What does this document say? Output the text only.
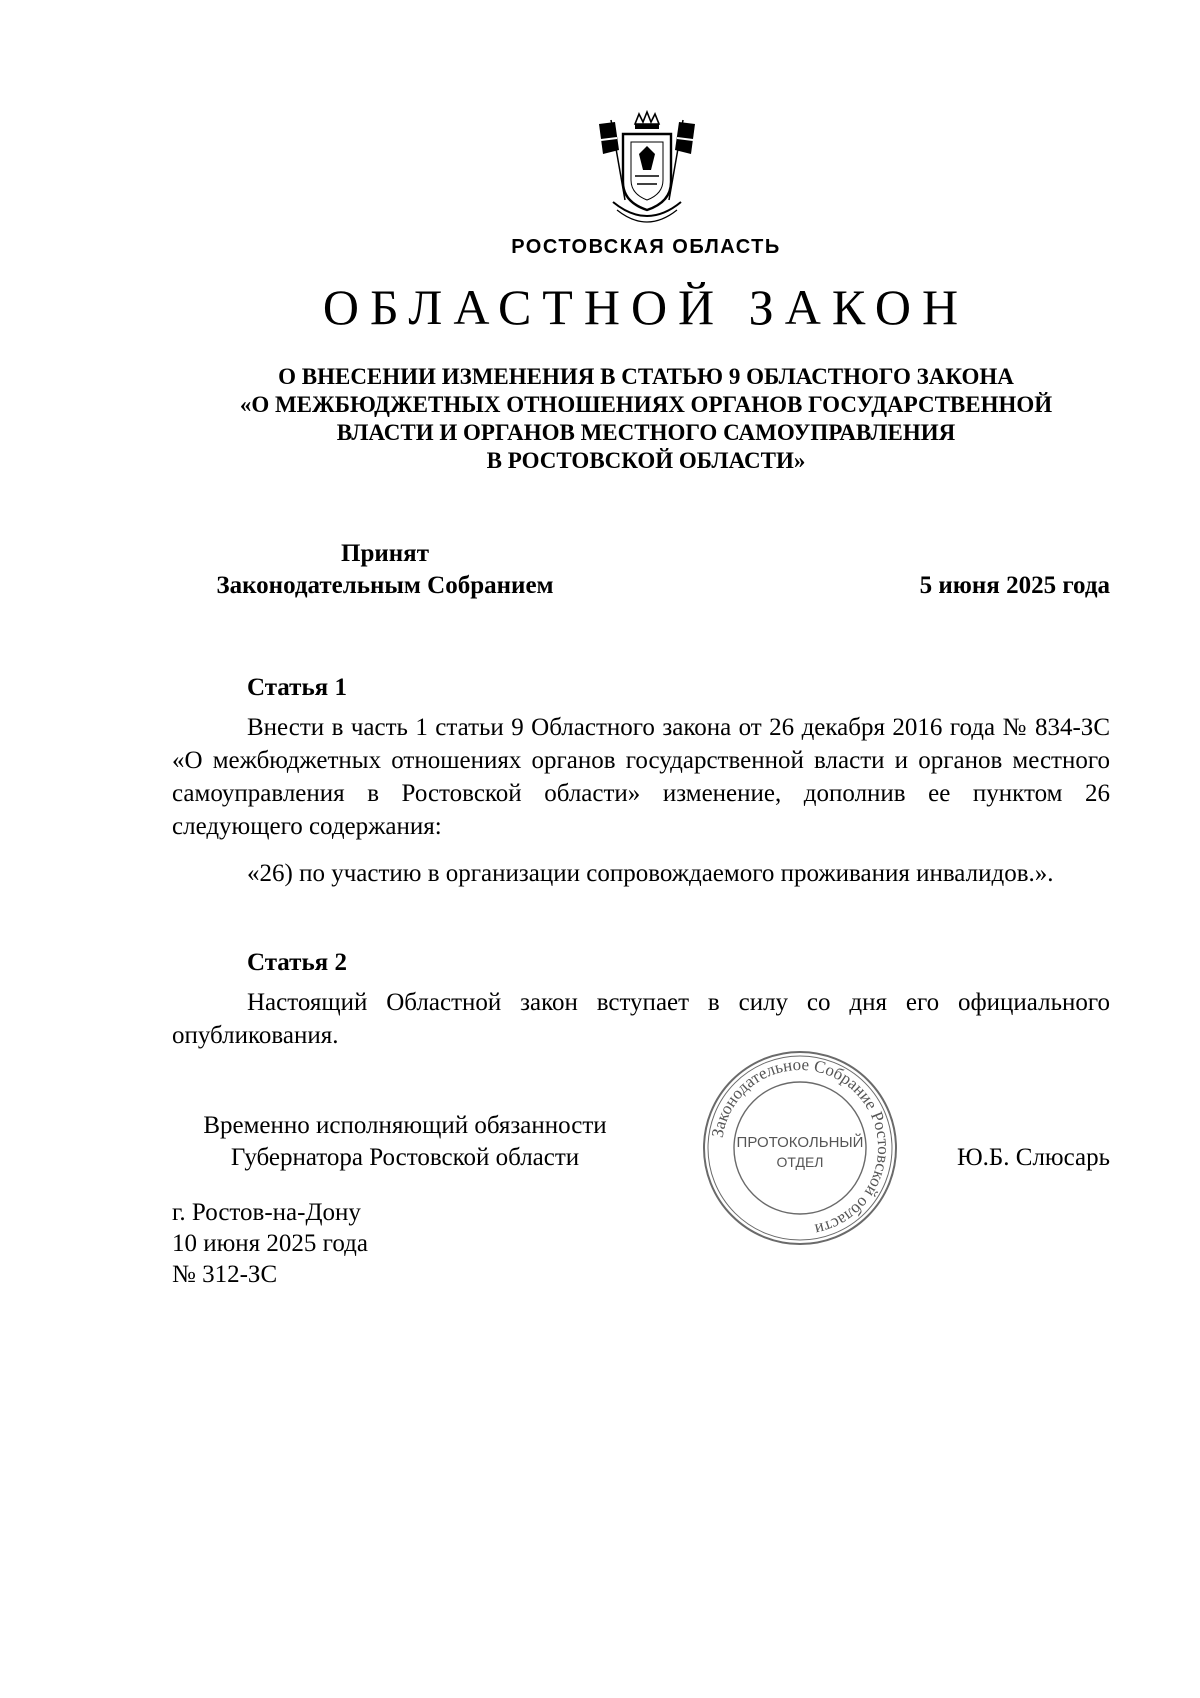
РОСТОВСКАЯ ОБЛАСТЬ
ОБЛАСТНОЙ ЗАКОН
О ВНЕСЕНИИ ИЗМЕНЕНИЯ В СТАТЬЮ 9 ОБЛАСТНОГО ЗАКОНА
«О МЕЖБЮДЖЕТНЫХ ОТНОШЕНИЯХ ОРГАНОВ ГОСУДАРСТВЕННОЙ
ВЛАСТИ И ОРГАНОВ МЕСТНОГО САМОУПРАВЛЕНИЯ
В РОСТОВСКОЙ ОБЛАСТИ»
Принят
Законодательным Собранием	5 июня 2025 года
Статья 1

Внести в часть 1 статьи 9 Областного закона от 26 декабря 2016 года № 834-ЗС «О межбюджетных отношениях органов государственной власти и органов местного самоуправления в Ростовской области» изменение, дополнив ее пунктом 26 следующего содержания:

«26) по участию в организации сопровождаемого проживания инвалидов.».

Статья 2

Настоящий Областной закон вступает в силу со дня его официального опубликования.

Временно исполняющий обязанности
Губернатора Ростовской области	Ю.Б. Слюсарь
Законодательное Собрание Ростовской области
ПРОТОКОЛЬНЫЙ
ОТДЕЛ
г. Ростов-на-Дону
10 июня 2025 года
№ 312-ЗС
